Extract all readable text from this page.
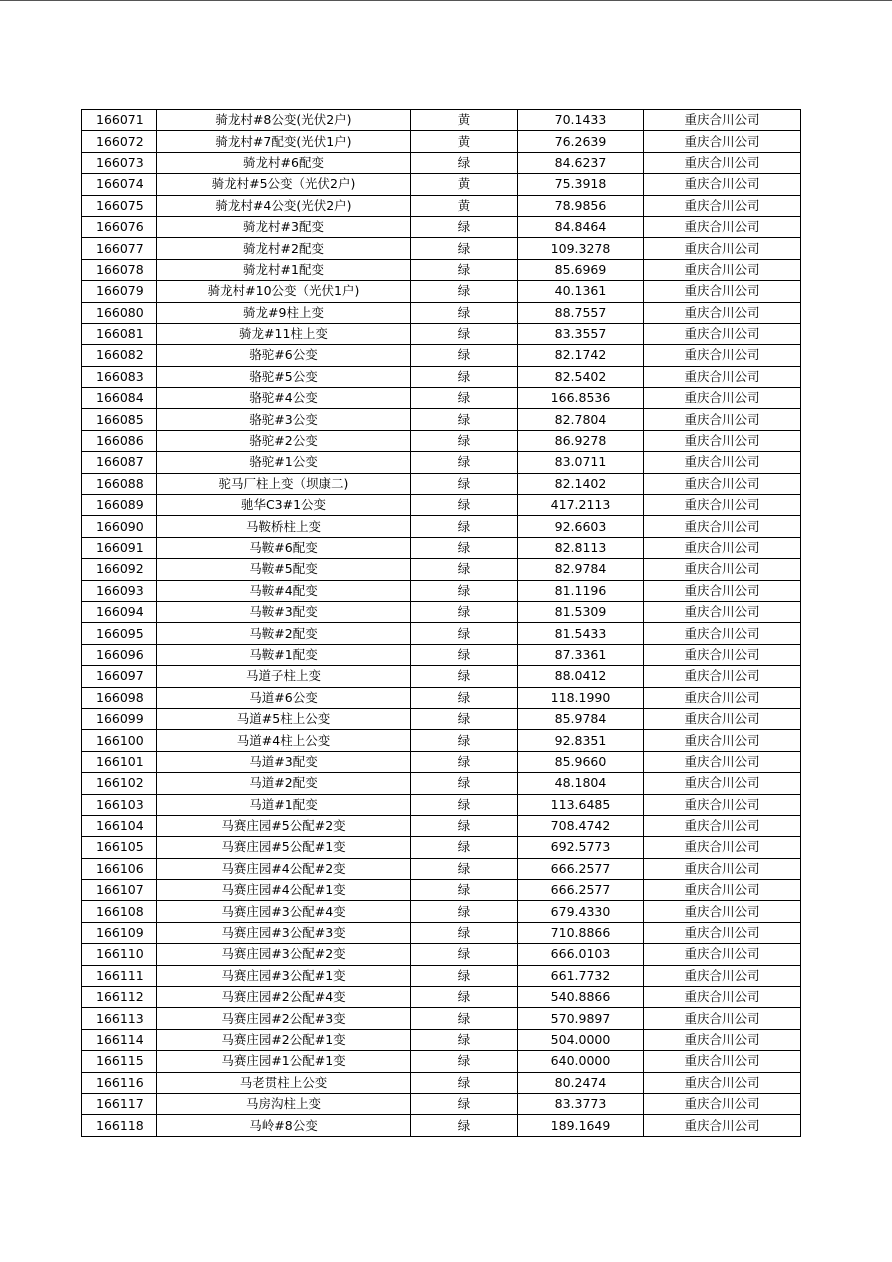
166071	骑龙村#8公变(光伏2户)	黄	70.1433	重庆合川公司
166072	骑龙村#7配变(光伏1户)	黄	76.2639	重庆合川公司
166073	骑龙村#6配变	绿	84.6237	重庆合川公司
166074	骑龙村#5公变（光伏2户)	黄	75.3918	重庆合川公司
166075	骑龙村#4公变(光伏2户)	黄	78.9856	重庆合川公司
166076	骑龙村#3配变	绿	84.8464	重庆合川公司
166077	骑龙村#2配变	绿	109.3278	重庆合川公司
166078	骑龙村#1配变	绿	85.6969	重庆合川公司
166079	骑龙村#10公变（光伏1户)	绿	40.1361	重庆合川公司
166080	骑龙#9柱上变	绿	88.7557	重庆合川公司
166081	骑龙#11柱上变	绿	83.3557	重庆合川公司
166082	骆驼#6公变	绿	82.1742	重庆合川公司
166083	骆驼#5公变	绿	82.5402	重庆合川公司
166084	骆驼#4公变	绿	166.8536	重庆合川公司
166085	骆驼#3公变	绿	82.7804	重庆合川公司
166086	骆驼#2公变	绿	86.9278	重庆合川公司
166087	骆驼#1公变	绿	83.0711	重庆合川公司
166088	驼马厂柱上变（坝康二)	绿	82.1402	重庆合川公司
166089	驰华C3#1公变	绿	417.2113	重庆合川公司
166090	马鞍桥柱上变	绿	92.6603	重庆合川公司
166091	马鞍#6配变	绿	82.8113	重庆合川公司
166092	马鞍#5配变	绿	82.9784	重庆合川公司
166093	马鞍#4配变	绿	81.1196	重庆合川公司
166094	马鞍#3配变	绿	81.5309	重庆合川公司
166095	马鞍#2配变	绿	81.5433	重庆合川公司
166096	马鞍#1配变	绿	87.3361	重庆合川公司
166097	马道子柱上变	绿	88.0412	重庆合川公司
166098	马道#6公变	绿	118.1990	重庆合川公司
166099	马道#5柱上公变	绿	85.9784	重庆合川公司
166100	马道#4柱上公变	绿	92.8351	重庆合川公司
166101	马道#3配变	绿	85.9660	重庆合川公司
166102	马道#2配变	绿	48.1804	重庆合川公司
166103	马道#1配变	绿	113.6485	重庆合川公司
166104	马赛庄园#5公配#2变	绿	708.4742	重庆合川公司
166105	马赛庄园#5公配#1变	绿	692.5773	重庆合川公司
166106	马赛庄园#4公配#2变	绿	666.2577	重庆合川公司
166107	马赛庄园#4公配#1变	绿	666.2577	重庆合川公司
166108	马赛庄园#3公配#4变	绿	679.4330	重庆合川公司
166109	马赛庄园#3公配#3变	绿	710.8866	重庆合川公司
166110	马赛庄园#3公配#2变	绿	666.0103	重庆合川公司
166111	马赛庄园#3公配#1变	绿	661.7732	重庆合川公司
166112	马赛庄园#2公配#4变	绿	540.8866	重庆合川公司
166113	马赛庄园#2公配#3变	绿	570.9897	重庆合川公司
166114	马赛庄园#2公配#1变	绿	504.0000	重庆合川公司
166115	马赛庄园#1公配#1变	绿	640.0000	重庆合川公司
166116	马老贯柱上公变	绿	80.2474	重庆合川公司
166117	马房沟柱上变	绿	83.3773	重庆合川公司
166118	马岭#8公变	绿	189.1649	重庆合川公司
